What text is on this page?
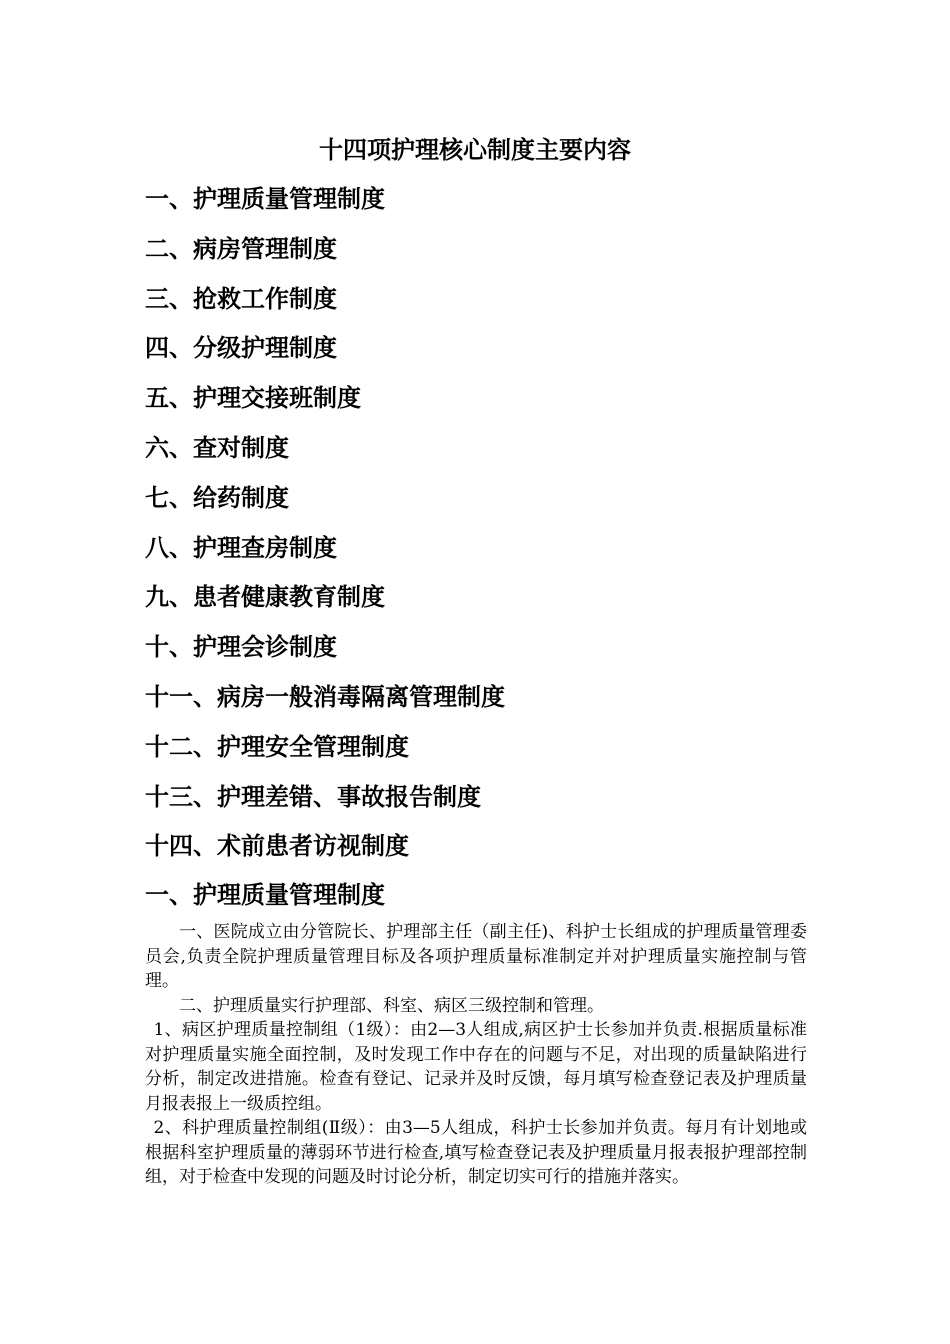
十四项护理核心制度主要内容
一、护理质量管理制度
二、病房管理制度
三、抢救工作制度
四、分级护理制度
五、护理交接班制度
六、查对制度
七、给药制度
八、护理查房制度
九、患者健康教育制度
十、护理会诊制度
十一、病房一般消毒隔离管理制度
十二、护理安全管理制度
十三、护理差错、事故报告制度
十四、术前患者访视制度
一、护理质量管理制度

一、医院成立由分管院长、护理部主任（副主任)、科护士长组成的护理质量管理委员会,负责全院护理质量管理目标及各项护理质量标准制定并对护理质量实施控制与管理。

二、护理质量实行护理部、科室、病区三级控制和管理。

1、病区护理质量控制组（1级）：由2—3人组成,病区护士长参加并负责.根据质量标准对护理质量实施全面控制，及时发现工作中存在的问题与不足，对出现的质量缺陷进行分析，制定改进措施。检查有登记、记录并及时反馈，每月填写检查登记表及护理质量月报表报上一级质控组。

2、科护理质量控制组(Ⅱ级）：由3—5人组成，科护士长参加并负责。每月有计划地或根据科室护理质量的薄弱环节进行检查,填写检查登记表及护理质量月报表报护理部控制组，对于检查中发现的问题及时讨论分析，制定切实可行的措施并落实。
